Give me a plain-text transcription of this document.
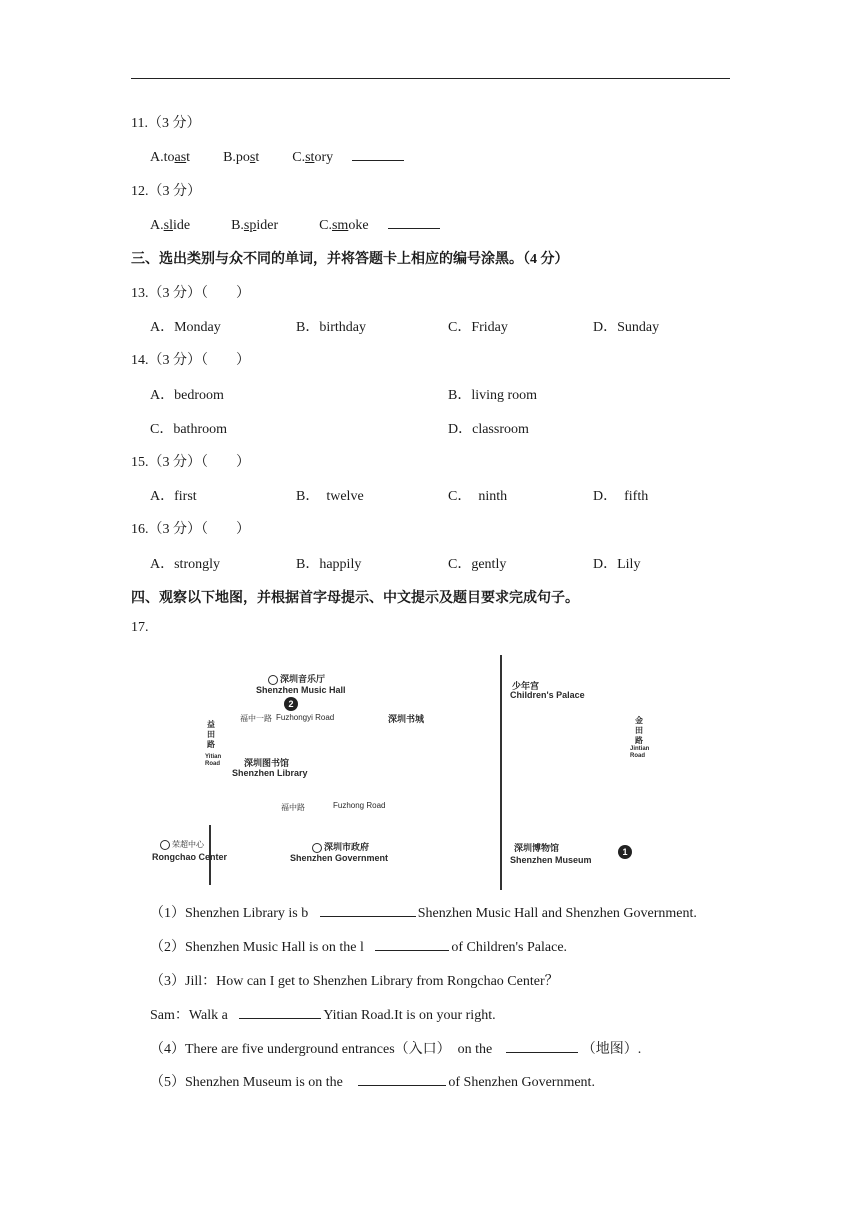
11.（3 分）
A.toast B.post C.story
12.（3 分）
A.slide	B.spider	C.smoke
三、选出类别与众不同的单词，并将答题卡上相应的编号涂黑。（4 分）
13.（3 分）（　　）
A．Monday	B．birthday	C．Friday	D．Sunday
14.（3 分）（　　）
A．bedroom	B．living room
C．bathroom	D．classroom
15.（3 分）（　　）
A．first	B．　twelve	C．　ninth	D．　fifth
16.（3 分）（　　）
A．strongly	B．happily	C．gently	D．Lily
四、观察以下地图，并根据首字母提示、中文提示及题目要求完成句子。
17.
深圳音乐厅
Shenzhen Music Hall
2
福中一路 Fuzhongyi Road	深圳书城
益田路
Yitian Road	深圳图书馆
Shenzhen Library
福中路	Fuzhong Road
荣超中心
Rongchao Center
深圳市政府
Shenzhen Government
少年宫
Children's Palace
金田路
Jintian Road
深圳博物馆
Shenzhen Museum
1
（1）Shenzhen Library is b	Shenzhen Music Hall and Shenzhen Government.
（2）Shenzhen Music Hall is on the l	of Children's Palace.
（3）Jill：How can I get to Shenzhen Library from Rongchao Center？
Sam：Walk a	Yitian Road.It is on your right.
（4）There are five underground entrances（入口）　on the	（地图）.
（5）Shenzhen Museum is on the	of Shenzhen Government.
